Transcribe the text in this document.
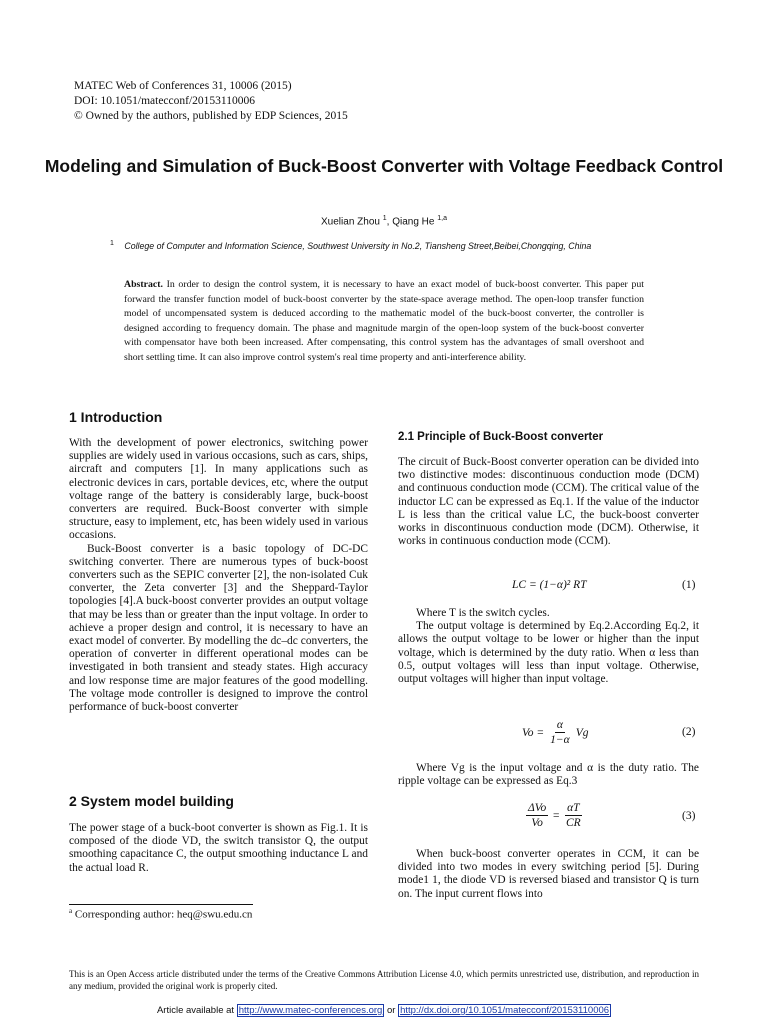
MATEC Web of Conferences 31, 10006 (2015)
DOI: 10.1051/matecconf/20153110006
© Owned by the authors, published by EDP Sciences, 2015
Modeling and Simulation of Buck-Boost Converter with Voltage Feedback Control
Xuelian Zhou $^1$, Qiang He $^{1,a}$
$^1$ College of Computer and Information Science, Southwest University in No.2, Tiansheng Street,Beibei,Chongqing, China
Abstract. In order to design the control system, it is necessary to have an exact model of buck-boost converter. This paper put forward the transfer function model of buck-boost converter by the state-space average method. The open-loop transfer function model of uncompensated system is deduced according to the mathematic model of the buck-boost converter, the controller is designed according to frequency domain. The phase and magnitude margin of the open-loop system of the buck-boost converter with compensator have both been increased. After compensating, this control system has the advantages of small overshoot and short settling time. It can also improve control system's real time property and anti-interference ability.
1 Introduction

With the development of power electronics, switching power supplies are widely used in various occasions, such as cars, ships, aircraft and computers [1]. In many applications such as electronic devices in cars, portable devices, etc, where the output voltage range of the battery is considerably large, buck-boost converters are required. Buck-Boost converter with simple structure, easy to implement, etc, has been widely used in various occasions.

Buck-Boost converter is a basic topology of DC-DC switching converter. There are numerous types of buck-boost converters such as the SEPIC converter [2], the non-isolated Cuk converter, the Zeta converter [3] and the Sheppard-Taylor topologies [4].A buck-boost converter provides an output voltage that may be less than or greater than the input voltage. In order to achieve a proper design and control, it is necessary to have an exact model of converter. By modelling the dc–dc converters, the operation of converter in different operational modes can be investigated in both transient and steady states. High accuracy and low response time are major features of the good modelling. The voltage mode controller is designed to improve the control performance of buck-boost converter

2 System model building

The power stage of a buck-boot converter is shown as Fig.1. It is composed of the diode VD, the switch transistor Q, the output smoothing capacitance C, the output smoothing inductance L and the actual load R.

2.1 Principle of Buck-Boost converter

The circuit of Buck-Boost converter operation can be divided into two distinctive modes: discontinuous conduction mode (DCM) and continuous conduction mode (CCM). The critical value of the inductor LC can be expressed as Eq.1. If the value of the inductor L is less than the critical value LC, the buck-boost converter works in discontinuous conduction mode (DCM). Otherwise, it works in continuous conduction mode (CCM).

LC = (1−α)² RT	(1)

Where T is the switch cycles.

The output voltage is determined by Eq.2.According Eq.2, it allows the output voltage to be lower or higher than the input voltage, which is determined by the duty ratio. When α less than 0.5, output voltages will less than input voltage. Otherwise, output voltages will higher than input voltage.

$Vo = \frac{\alpha}{1-\alpha}$ Vg	(2)

Where Vg is the input voltage and α is the duty ratio. The ripple voltage can be expressed as Eq.3

$\frac{\text{ΔVo}}{Vo} = \frac{\alpha T}{CR}$	(3)

When buck-boost converter operates in CCM, it can be divided into two modes in every switching period [5]. During mode1 1, the diode VD is reversed biased and transistor Q is turn on. The input current flows into

$^a$ Corresponding author: heq@swu.edu.cn
This is an Open Access article distributed under the terms of the Creative Commons Attribution License 4.0, which permits unrestricted use, distribution, and reproduction in any medium, provided the original work is properly cited.
Article available at http://www.matec-conferences.org or http://dx.doi.org/10.1051/matecconf/20153110006
